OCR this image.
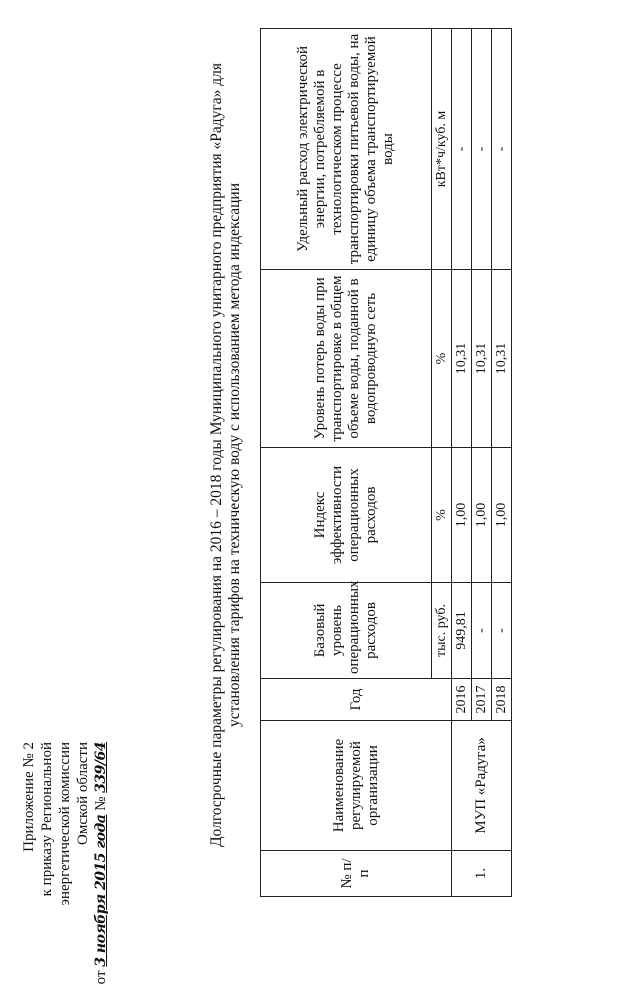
Приложение № 2 к приказу Региональной энергетической комиссии Омской области
от 3 ноября 2015 года № 339/64	Долгосрочные параметры регулирования на 2016 – 2018 годы Муниципального унитарного предприятия «Радуга» для установления тарифов на техническую воду с использованием метода индексации
№ п/п	Наименование регулируемой организации	Год	Базовый уровень операционных расходов	Индекс эффективности операционных расходов	Уровень потерь воды при транспортировке в общем объеме воды, поданной в водопроводную сеть	Удельный расход электрической энергии, потребляемой в технологическом процессе транспортировки питьевой воды, на единицу объема транспортируемой воды
			тыс. руб.	%	%	кВт*ч/куб. м
1.	МУП «Радуга»	2016	949,81	1,00	10,31	-
		2017	-	1,00	10,31	-
		2018	-	1,00	10,31	-
